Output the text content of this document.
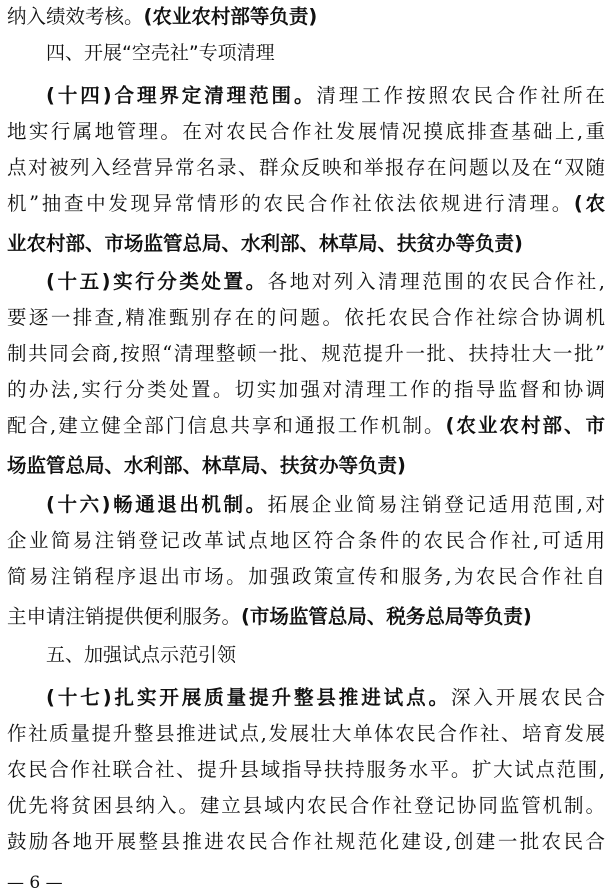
纳入绩效考核。(农业农村部等负责)
四、开展“空壳社”专项清理
(十四)合理界定清理范围。清理工作按照农民合作社所在
地实行属地管理。在对农民合作社发展情况摸底排查基础上,重
点对被列入经营异常名录、群众反映和举报存在问题以及在“双随
机”抽查中发现异常情形的农民合作社依法依规进行清理。(农
业农村部、市场监管总局、水利部、林草局、扶贫办等负责)
(十五)实行分类处置。各地对列入清理范围的农民合作社,
要逐一排查,精准甄别存在的问题。依托农民合作社综合协调机
制共同会商,按照“清理整顿一批、规范提升一批、扶持壮大一批”
的办法,实行分类处置。切实加强对清理工作的指导监督和协调
配合,建立健全部门信息共享和通报工作机制。(农业农村部、市
场监管总局、水利部、林草局、扶贫办等负责)
(十六)畅通退出机制。拓展企业简易注销登记适用范围,对
企业简易注销登记改革试点地区符合条件的农民合作社,可适用
简易注销程序退出市场。加强政策宣传和服务,为农民合作社自
主申请注销提供便利服务。(市场监管总局、税务总局等负责)
五、加强试点示范引领
(十七)扎实开展质量提升整县推进试点。深入开展农民合
作社质量提升整县推进试点,发展壮大单体农民合作社、培育发展
农民合作社联合社、提升县域指导扶持服务水平。扩大试点范围,
优先将贫困县纳入。建立县域内农民合作社登记协同监管机制。
鼓励各地开展整县推进农民合作社规范化建设,创建一批农民合
— 6 —
